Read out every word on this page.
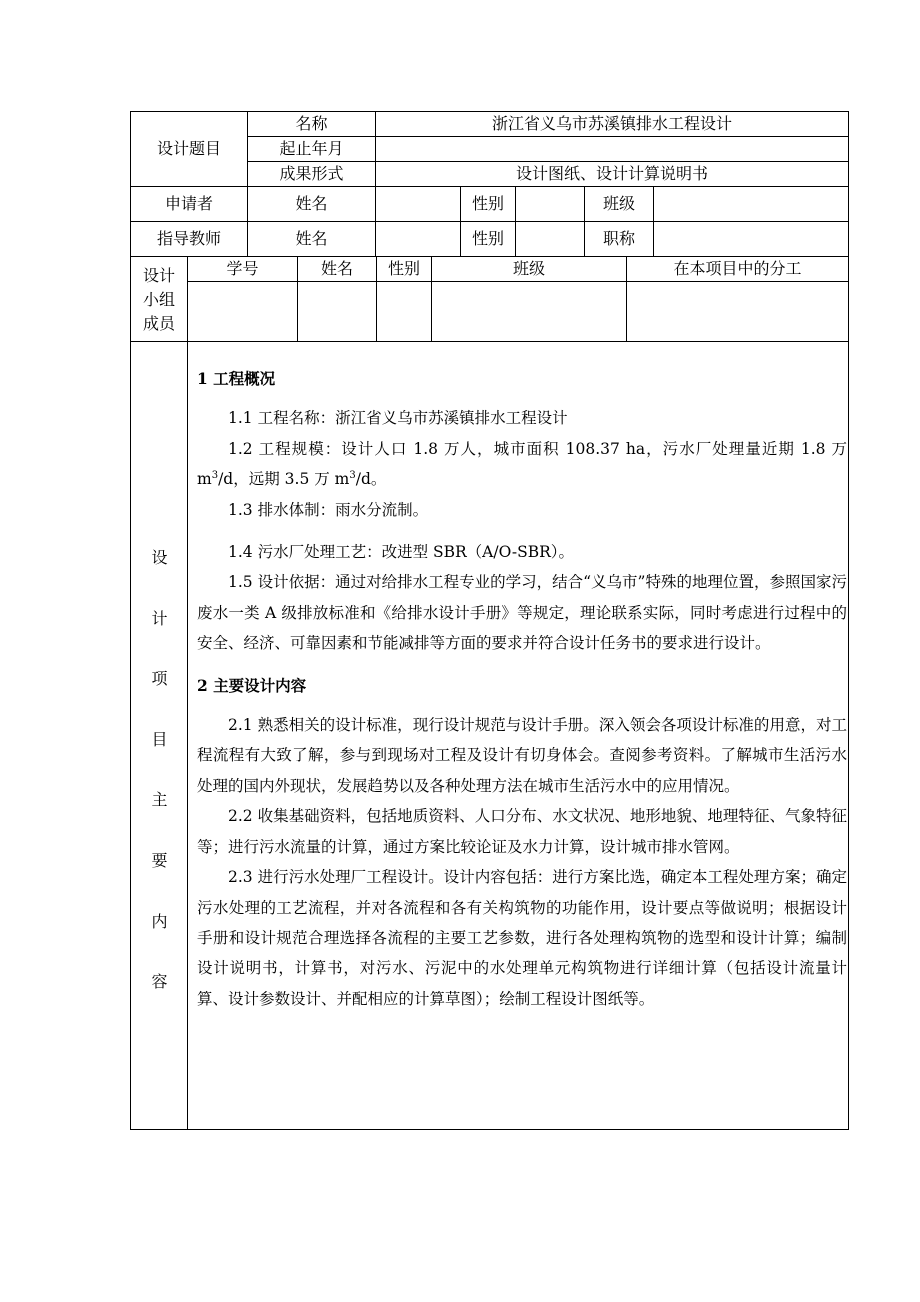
设计题目
名称	浙江省义乌市苏溪镇排水工程设计
起止年月
成果形式	设计图纸、设计计算说明书
申请者	姓名	性别	班级
指导教师	姓名	性别	职称
设计
小组
成员
学号	姓名	性别	班级	在本项目中的分工
设
计
项
目
主
要
内
容
1 工程概况

1.1 工程名称：浙江省义乌市苏溪镇排水工程设计

1.2 工程规模：设计人口 1.8 万人，城市面积 108.37 ha，污水厂处理量近期 1.8 万 $m^3/d$，远期 3.5 万 $m^3/d$。

1.3 排水体制：雨水分流制。

1.4 污水厂处理工艺：改进型 SBR（A/O-SBR）。

1.5 设计依据：通过对给排水工程专业的学习，结合“义乌市”特殊的地理位置，参照国家污废水一类 A 级排放标准和《给排水设计手册》等规定，理论联系实际，同时考虑进行过程中的安全、经济、可靠因素和节能减排等方面的要求并符合设计任务书的要求进行设计。

2 主要设计内容

2.1 熟悉相关的设计标准，现行设计规范与设计手册。深入领会各项设计标准的用意，对工程流程有大致了解，参与到现场对工程及设计有切身体会。查阅参考资料。了解城市生活污水处理的国内外现状，发展趋势以及各种处理方法在城市生活污水中的应用情况。

2.2 收集基础资料，包括地质资料、人口分布、水文状况、地形地貌、地理特征、气象特征等；进行污水流量的计算，通过方案比较论证及水力计算，设计城市排水管网。

2.3 进行污水处理厂工程设计。设计内容包括：进行方案比选，确定本工程处理方案；确定污水处理的工艺流程，并对各流程和各有关构筑物的功能作用，设计要点等做说明；根据设计手册和设计规范合理选择各流程的主要工艺参数，进行各处理构筑物的选型和设计计算；编制设计说明书，计算书，对污水、污泥中的水处理单元构筑物进行详细计算（包括设计流量计算、设计参数设计、并配相应的计算草图）；绘制工程设计图纸等。
